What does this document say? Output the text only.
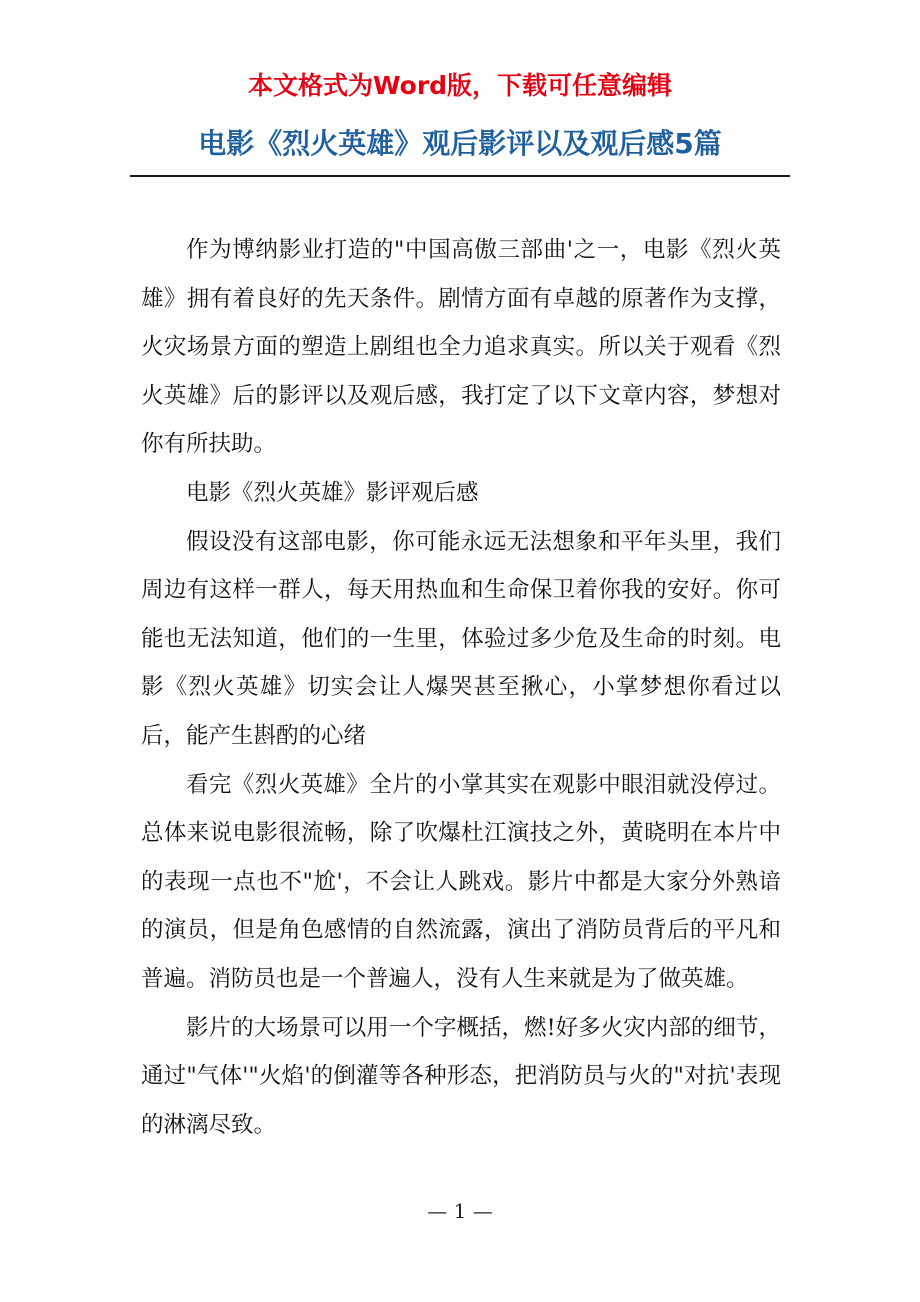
本文格式为Word版，下载可任意编辑
电影《烈火英雄》观后影评以及观后感5篇

作为博纳影业打造的"中国高傲三部曲'之一，电影《烈火英雄》拥有着良好的先天条件。剧情方面有卓越的原著作为支撑，火灾场景方面的塑造上剧组也全力追求真实。所以关于观看《烈火英雄》后的影评以及观后感，我打定了以下文章内容，梦想对你有所扶助。

电影《烈火英雄》影评观后感

假设没有这部电影，你可能永远无法想象和平年头里，我们周边有这样一群人，每天用热血和生命保卫着你我的安好。你可能也无法知道，他们的一生里，体验过多少危及生命的时刻。电影《烈火英雄》切实会让人爆哭甚至揪心，小掌梦想你看过以后，能产生斟酌的心绪

看完《烈火英雄》全片的小掌其实在观影中眼泪就没停过。总体来说电影很流畅，除了吹爆杜江演技之外，黄晓明在本片中的表现一点也不"尬'，不会让人跳戏。影片中都是大家分外熟谙的演员，但是角色感情的自然流露，演出了消防员背后的平凡和普遍。消防员也是一个普遍人，没有人生来就是为了做英雄。

影片的大场景可以用一个字概括，燃!好多火灾内部的细节，通过"气体'"火焰'的倒灌等各种形态，把消防员与火的"对抗'表现的淋漓尽致。

— 1 —
